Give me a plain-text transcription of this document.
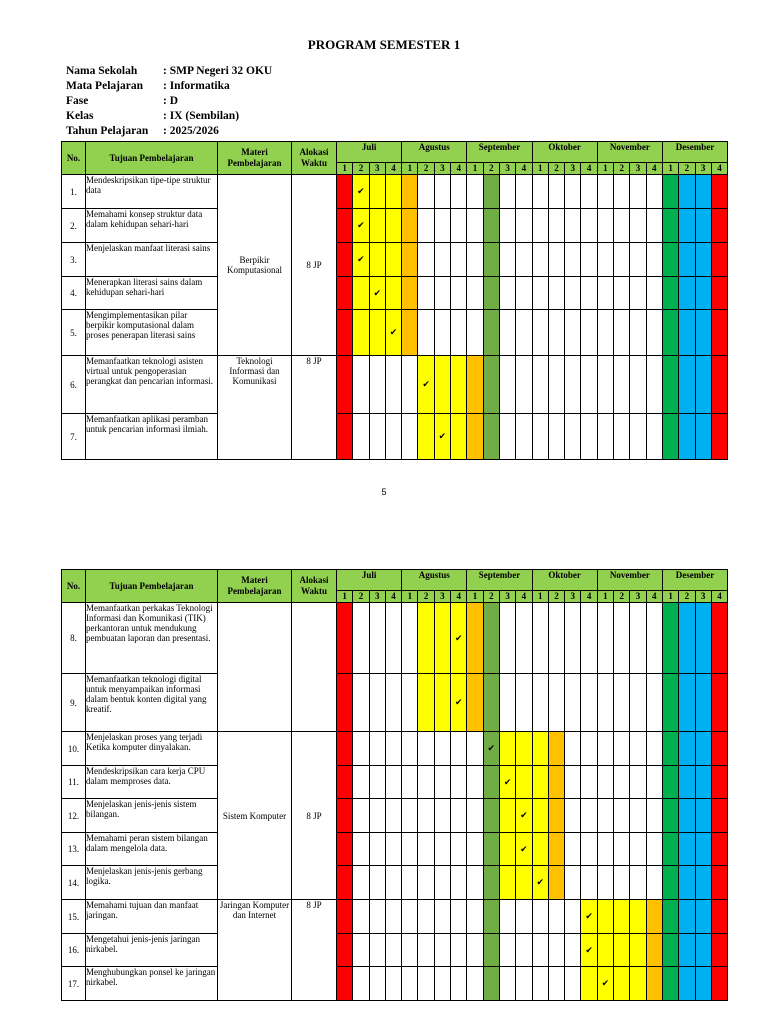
PROGRAM SEMESTER 1
Nama Sekolah : SMP Negeri 32 OKU
Mata Pelajaran : Informatika
Fase	: D
Kelas	: IX (Sembilan)
Tahun Pelajaran : 2025/2026
No.	Tujuan Pembelajaran	Materi Pembelajaran	Alokasi Waktu	Juli				Agustus				September				Oktober				November				Desember			
				1	2	3	4	1	2	3	4	1	2	3	4	1	2	3	4	1	2	3	4	1	2	3	4
1.	Mendeskripsikan tipe-tipe struktur data	Berpikir Komputasional	8 JP		✔																						
2.	Memahami konsep struktur data dalam kehidupan sehari-hari				✔																						
3.	Menjelaskan manfaat literasi sains				✔																						
4.	Menerapkan literasi sains dalam kehidupan sehari-hari					✔																					
5.	Mengimplementasikan pilar berpikir komputasional dalam proses penerapan literasi sains						✔																				
6.	Memanfaatkan teknologi asisten virtual untuk pengoperasian perangkat dan pencarian informasi.	Teknologi Informasi dan Komunikasi	8 JP						✔																		
7.	Memanfaatkan aplikasi peramban untuk pencarian informasi ilmiah.									✔																	
5
No.	Tujuan Pembelajaran	Materi Pembelajaran	Alokasi Waktu	Juli				Agustus				September				Oktober				November				Desember			
				1	2	3	4	1	2	3	4	1	2	3	4	1	2	3	4	1	2	3	4	1	2	3	4
8.	Memanfaatkan perkakas Teknologi Informasi dan Komunikasi (TIK) perkantoran untuk mendukung pembuatan laporan dan presentasi.										✔																
9.	Memanfaatkan teknologi digital untuk menyampaikan informasi dalam bentuk konten digital yang kreatif.										✔																
10.	Menjelaskan proses yang terjadi Ketika komputer dinyalakan.	Sistem Komputer	8 JP										✔														
11.	Mendeskripsikan cara kerja CPU dalam memproses data.													✔													
12.	Menjelaskan jenis-jenis sistem bilangan.														✔												
13.	Memahami peran sistem bilangan dalam mengelola data.														✔												
14.	Menjelaskan jenis-jenis gerbang logika.															✔											
15.	Memahami tujuan dan manfaat jaringan.	Jaringan Komputer dan Internet	8 JP																✔								
16.	Mengetahui jenis-jenis jaringan nirkabel.																		✔								
17.	Menghubungkan ponsel ke jaringan nirkabel.																			✔							
